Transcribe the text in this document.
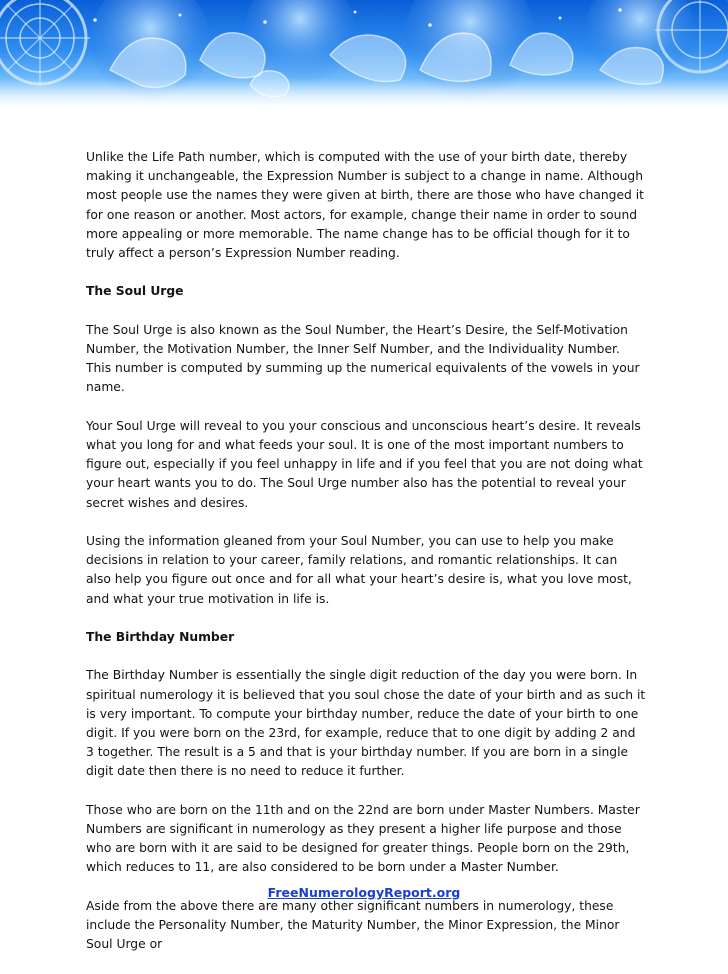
Unlike the Life Path number, which is computed with the use of your birth date, thereby making it unchangeable, the Expression Number is subject to a change in name. Although most people use the names they were given at birth, there are those who have changed it for one reason or another. Most actors, for example, change their name in order to sound more appealing or more memorable. The name change has to be official though for it to truly affect a person’s Expression Number reading.

The Soul Urge

The Soul Urge is also known as the Soul Number, the Heart’s Desire, the Self-Motivation Number, the Motivation Number, the Inner Self Number, and the Individuality Number. This number is computed by summing up the numerical equivalents of the vowels in your name.

Your Soul Urge will reveal to you your conscious and unconscious heart’s desire. It reveals what you long for and what feeds your soul. It is one of the most important numbers to figure out, especially if you feel unhappy in life and if you feel that you are not doing what your heart wants you to do. The Soul Urge number also has the potential to reveal your secret wishes and desires.

Using the information gleaned from your Soul Number, you can use to help you make decisions in relation to your career, family relations, and romantic relationships. It can also help you figure out once and for all what your heart’s desire is, what you love most, and what your true motivation in life is.

The Birthday Number

The Birthday Number is essentially the single digit reduction of the day you were born. In spiritual numerology it is believed that you soul chose the date of your birth and as such it is very important. To compute your birthday number, reduce the date of your birth to one digit. If you were born on the 23rd, for example, reduce that to one digit by adding 2 and 3 together. The result is a 5 and that is your birthday number. If you are born in a single digit date then there is no need to reduce it further.

Those who are born on the 11th and on the 22nd are born under Master Numbers. Master Numbers are significant in numerology as they present a higher life purpose and those who are born with it are said to be designed for greater things. People born on the 29th, which reduces to 11, are also considered to be born under a Master Number.

Aside from the above there are many other significant numbers in numerology, these include the Personality Number, the Maturity Number, the Minor Expression, the Minor Soul Urge or

FreeNumerologyReport.org
